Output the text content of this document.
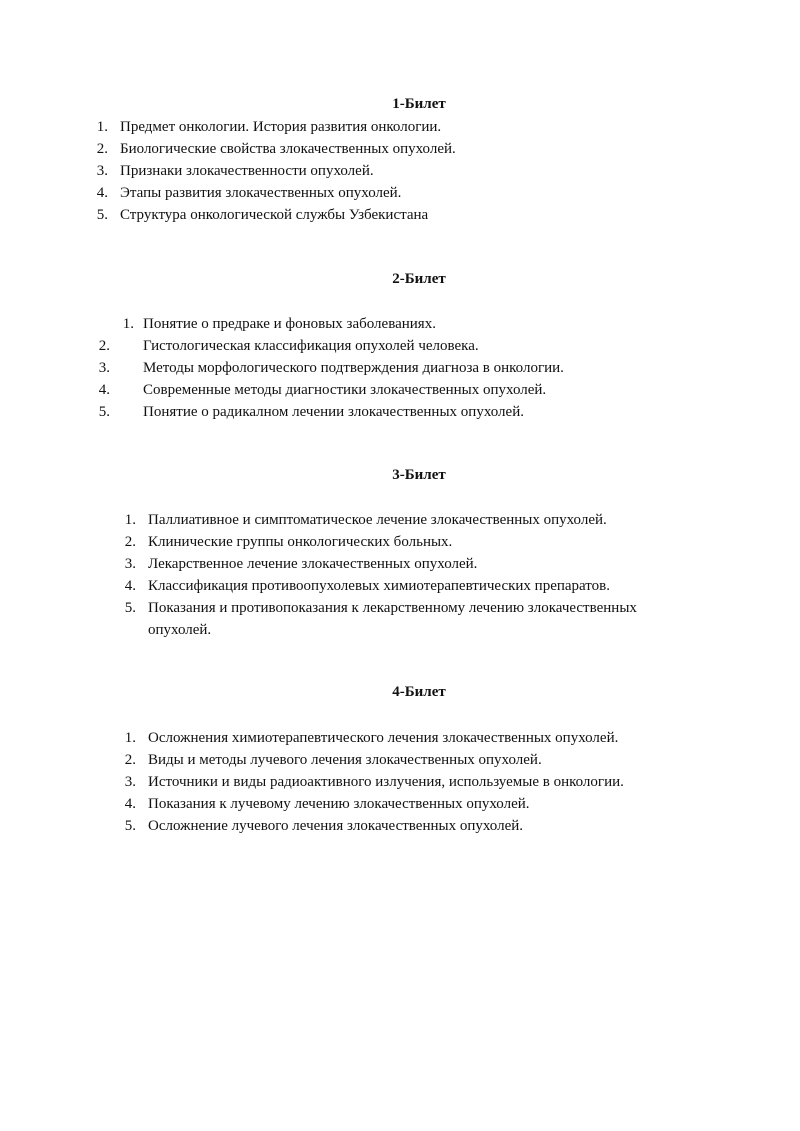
1-Билет
1. Предмет онкологии. История развития онкологии.
2. Биологические свойства злокачественных опухолей.
3. Признаки злокачественности опухолей.
4. Этапы развития злокачественных опухолей.
5. Структура онкологической службы Узбекистана
2-Билет
1. Понятие о предраке и фоновых заболеваниях.
2. Гистологическая классификация опухолей человека.
3. Методы морфологического подтверждения диагноза в онкологии.
4. Современные методы диагностики злокачественных опухолей.
5. Понятие о радикалном лечении злокачественных опухолей.
3-Билет
1. Паллиативное и симптоматическое лечение злокачественных опухолей.
2. Клинические группы онкологических больных.
3. Лекарственное лечение злокачественных опухолей.
4. Классификация противоопухолевых химиотерапевтических препаратов.
5. Показания и противопоказания к лекарственному лечению злокачественных
опухолей.
4-Билет
1. Осложнения химиотерапевтического лечения злокачественных опухолей.
2. Виды и методы лучевого лечения злокачественных опухолей.
3. Источники и виды радиоактивного излучения, используемые в онкологии.
4. Показания к лучевому лечению злокачественных опухолей.
5. Осложнение лучевого лечения злокачественных опухолей.
